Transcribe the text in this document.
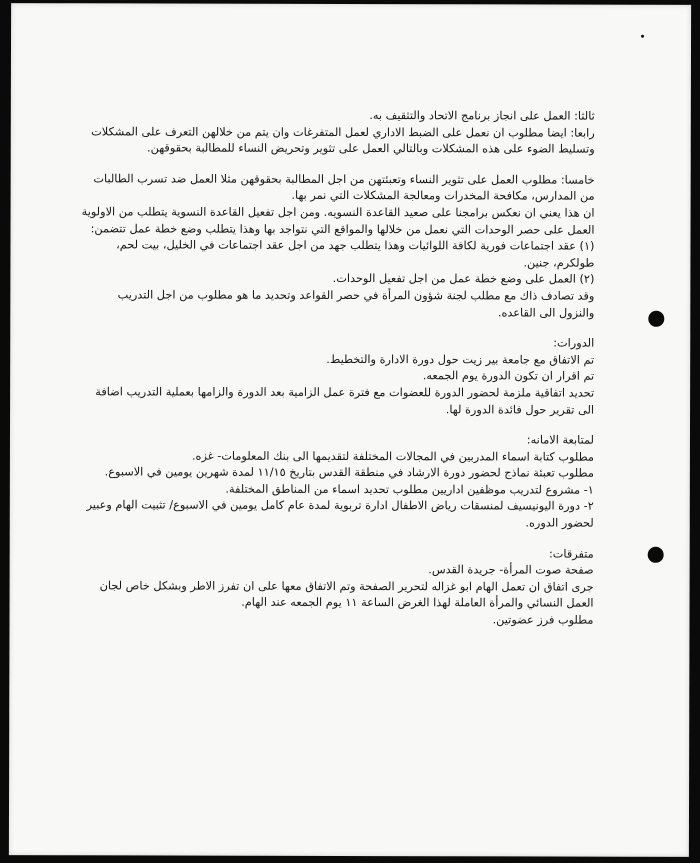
ثالثا: العمل على انجاز برنامج الاتحاد والتثقيف به.

رابعا: ايضا مطلوب ان نعمل على الضبط الاداري لعمل المتفرغات وان يتم من خلالهن التعرف على المشكلات وتسليط الضوء على هذه المشكلات وبالتالي العمل على تثوير وتحريض النساء للمطالبة بحقوقهن.

خامسا: مطلوب العمل على تثوير النساء وتعبئتهن من اجل المطالبة بحقوقهن مثلا العمل ضد تسرب الطالبات من المدارس، مكافحة المخدرات ومعالجة المشكلات التي نمر بها.

ان هذا يعني ان نعكس برامجنا على صعيد القاعدة النسويه. ومن اجل تفعيل القاعدة النسوية يتطلب من الاولوية العمل على حصر الوحدات التي نعمل من خلالها والمواقع التي نتواجد بها وهذا يتطلب وضع خطة عمل تتضمن:

(١) عقد اجتماعات فورية لكافة اللوائيات وهذا يتطلب جهد من اجل عقد اجتماعات في الخليل، بيت لحم، طولكرم، جنين.

(٢) العمل على وضع خطة عمل من اجل تفعيل الوحدات.

وقد تصادف ذاك مع مطلب لجنة شؤون المرأة في حصر القواعد وتحديد ما هو مطلوب من اجل التدريب والنزول الى القاعده.

الدورات:

تم الاتفاق مع جامعة بير زيت حول دورة الادارة والتخطيط.

تم اقرار ان تكون الدورة يوم الجمعه.

تحديد اتفاقية ملزمة لحضور الدورة للعضوات مع فترة عمل الزامية بعد الدورة والزامها بعملية التدريب اضافة الى تقرير حول فائدة الدورة لها.

لمتابعة الامانه:

مطلوب كتابة اسماء المدربين في المجالات المختلفة لتقديمها الى بنك المعلومات- غزه.

مطلوب تعبئة نماذج لحضور دورة الارشاد في منطقة القدس بتاريخ ١١/١٥ لمدة شهرين يومين في الاسبوع.

١- مشروع لتدريب موظفين اداريين مطلوب تحديد اسماء من المناطق المختلفة.

٢- دورة اليونيسيف لمنسقات رياض الاطفال ادارة تربوية لمدة عام كامل يومين في الاسبوع/ تثبيت الهام وعبير لحضور الدوره.

متفرقات:

صفحة صوت المرأة- جريدة القدس.

جرى اتفاق ان تعمل الهام ابو غزاله لتحرير الصفحة وتم الاتفاق معها على ان تفرز الاطر وبشكل خاص لجان العمل النسائي والمرأة العاملة لهذا الغرض الساعة ١١ يوم الجمعه عند الهام.

مطلوب فرز عضوتين.
